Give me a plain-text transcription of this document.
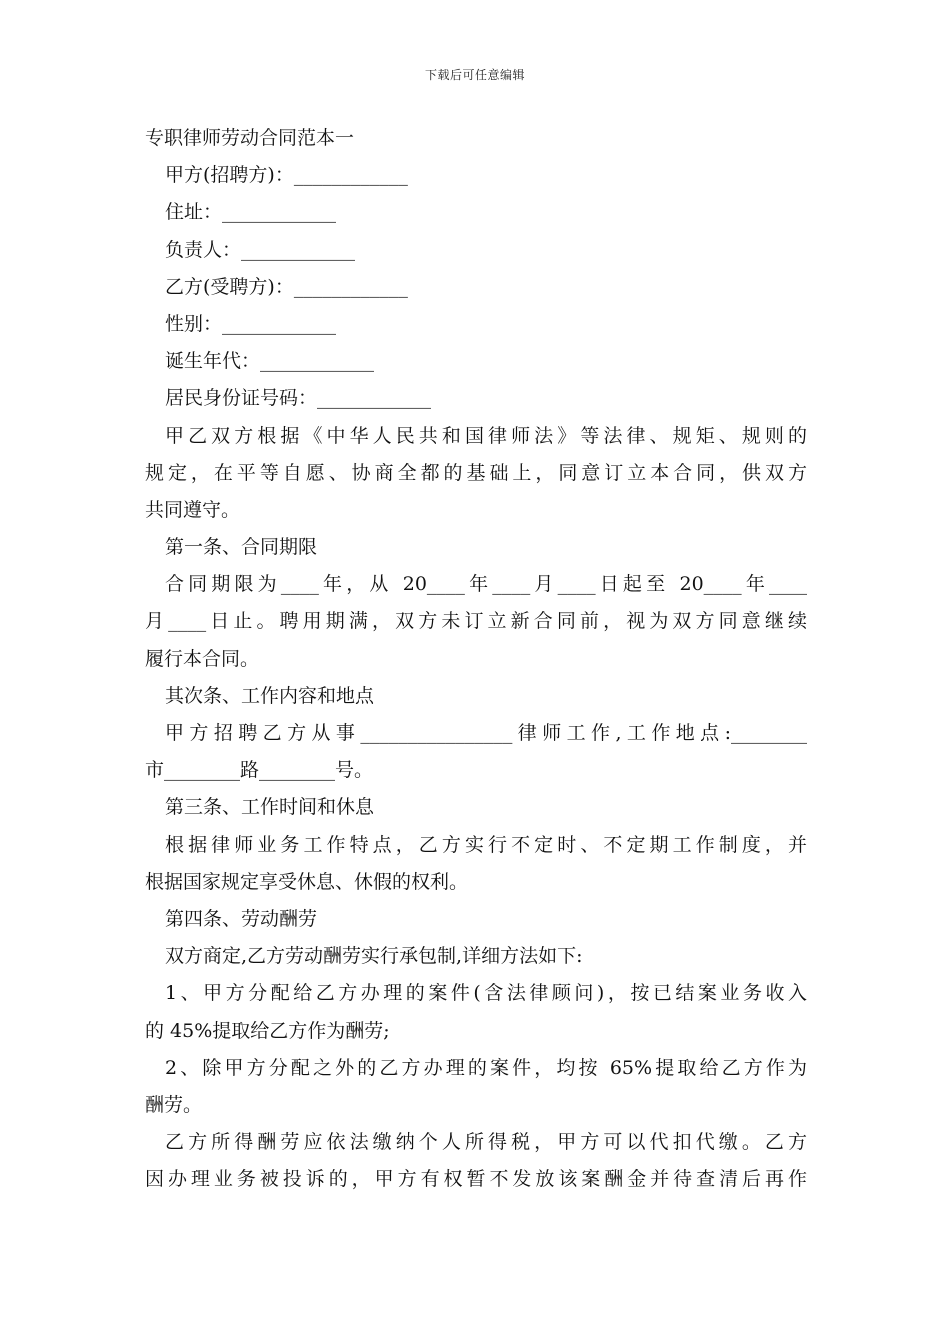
下载后可任意编辑
专职律师劳动合同范本一
甲方(招聘方)：____________
住址：____________
负责人：____________
乙方(受聘方)：____________
性别：____________
诞生年代：____________
居民身份证号码：____________
甲乙双方根据《中华人民共和国律师法》等法律、规矩、规则的
规定，在平等自愿、协商全都的基础上，同意订立本合同，供双方
共同遵守。
第一条、合同期限
合同期限为____年，从 20____年____月____日起至 20____年____
月____日止。聘用期满，双方未订立新合同前，视为双方同意继续
履行本合同。
其次条、工作内容和地点
甲方招聘乙方从事________________律师工作,工作地点:________
市________路________号。
第三条、工作时间和休息
根据律师业务工作特点，乙方实行不定时、不定期工作制度，并
根据国家规定享受休息、休假的权利。
第四条、劳动酬劳
双方商定,乙方劳动酬劳实行承包制,详细方法如下:
1、甲方分配给乙方办理的案件(含法律顾问)，按已结案业务收入
的 45%提取给乙方作为酬劳;
2、除甲方分配之外的乙方办理的案件，均按 65%提取给乙方作为
酬劳。
乙方所得酬劳应依法缴纳个人所得税，甲方可以代扣代缴。乙方
因办理业务被投诉的，甲方有权暂不发放该案酬金并待查清后再作
